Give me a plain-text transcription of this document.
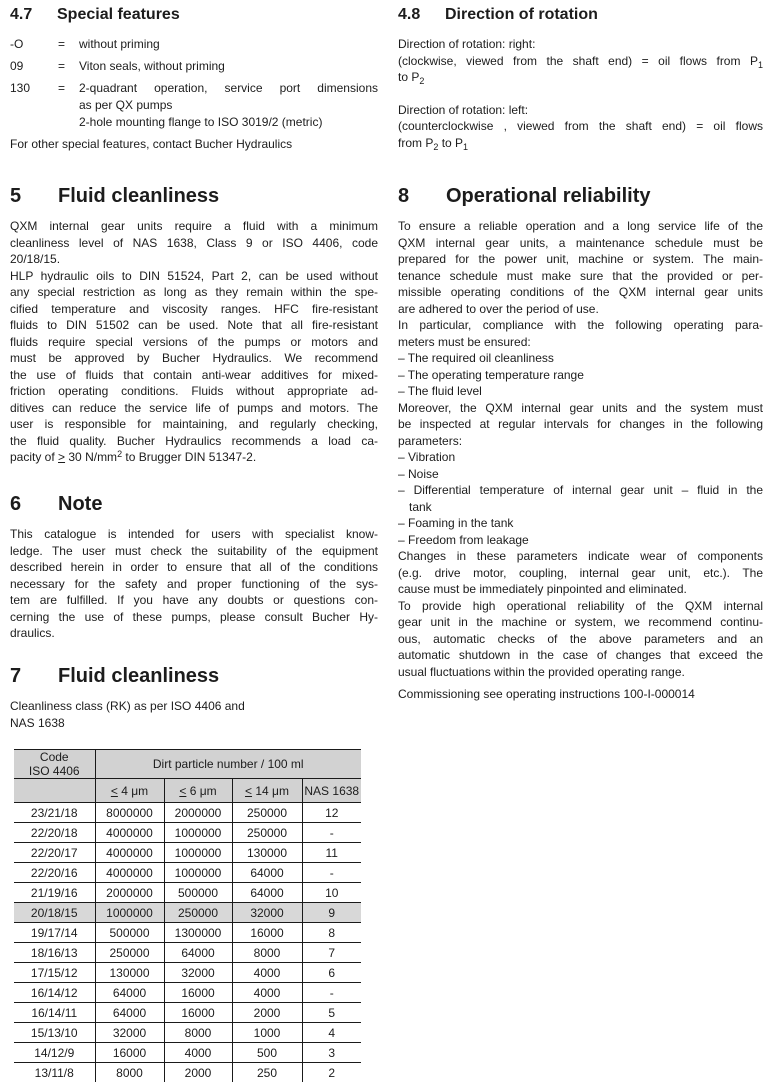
4.7	Special features
-O	=	without priming
09	=	Viton seals, without priming
130	=	2-quadrant operation, service port dimensions
as per QX pumps
2-hole mounting flange to ISO 3019/2 (metric)
For other special features, contact Bucher Hydraulics
5	Fluid cleanliness
QXM internal gear units require a fluid with a minimum
cleanliness level of NAS 1638, Class 9 or ISO 4406, code
20/18/15.
HLP hydraulic oils to DIN 51524, Part 2, can be used without
any special restriction as long as they remain within the spe-
cified temperature and viscosity ranges. HFC fire-resistant
fluids to DIN 51502 can be used. Note that all fire-resistant
fluids require special versions of the pumps or motors and
must be approved by Bucher Hydraulics. We recommend
the use of fluids that contain anti-wear additives for mixed-
friction operating conditions. Fluids without appropriate ad-
ditives can reduce the service life of pumps and motors. The
user is responsible for maintaining, and regularly checking,
the fluid quality. Bucher Hydraulics recommends a load ca-
pacity of > 30 $N/mm^2$ to Brugger DIN 51347-2.
6	Note
This catalogue is intended for users with specialist know-
ledge. The user must check the suitability of the equipment
described herein in order to ensure that all of the conditions
necessary for the safety and proper functioning of the sys-
tem are fulfilled. If you have any doubts or questions con-
cerning the use of these pumps, please consult Bucher Hy-
draulics.
7	Fluid cleanliness
Cleanliness class (RK) as per ISO 4406 and
NAS 1638
Code
ISO 4406	Dirt particle number / 100 ml			
	< 4 μm	< 6 μm	< 14 μm	NAS 1638
23/21/18	8000000	2000000	250000	12
22/20/18	4000000	1000000	250000	-
22/20/17	4000000	1000000	130000	11
22/20/16	4000000	1000000	64000	-
21/19/16	2000000	500000	64000	10
20/18/15	1000000	250000	32000	9
19/17/14	500000	1300000	16000	8
18/16/13	250000	64000	8000	7
17/15/12	130000	32000	4000	6
16/14/12	64000	16000	4000	-
16/14/11	64000	16000	2000	5
15/13/10	32000	8000	1000	4
14/12/9	16000	4000	500	3
13/11/8	8000	2000	250	2
4.8	Direction of rotation
Direction of rotation: right:
(clockwise, viewed from the shaft end) = oil flows from $P_1$
to $P_2$
Direction of rotation: left:
(counterclockwise , viewed from the shaft end) = oil flows
from $P_2$ to $P_1$
8	Operational reliability
To ensure a reliable operation and a long service life of the
QXM internal gear units, a maintenance schedule must be
prepared for the power unit, machine or system. The main-
tenance schedule must make sure that the provided or per-
missible operating conditions of the QXM internal gear units
are adhered to over the period of use.
In particular, compliance with the following operating para-
meters must be ensured:
– The required oil cleanliness
– The operating temperature range
– The fluid level
Moreover, the QXM internal gear units and the system must
be inspected at regular intervals for changes in the following
parameters:
– Vibration
– Noise
– Differential temperature of internal gear unit – fluid in the
tank
– Foaming in the tank
– Freedom from leakage
Changes in these parameters indicate wear of components
(e.g. drive motor, coupling, internal gear unit, etc.). The
cause must be immediately pinpointed and eliminated.
To provide high operational reliability of the QXM internal
gear unit in the machine or system, we recommend continu-
ous, automatic checks of the above parameters and an
automatic shutdown in the case of changes that exceed the
usual fluctuations within the provided operating range.
Commissioning see operating instructions 100-I-000014
